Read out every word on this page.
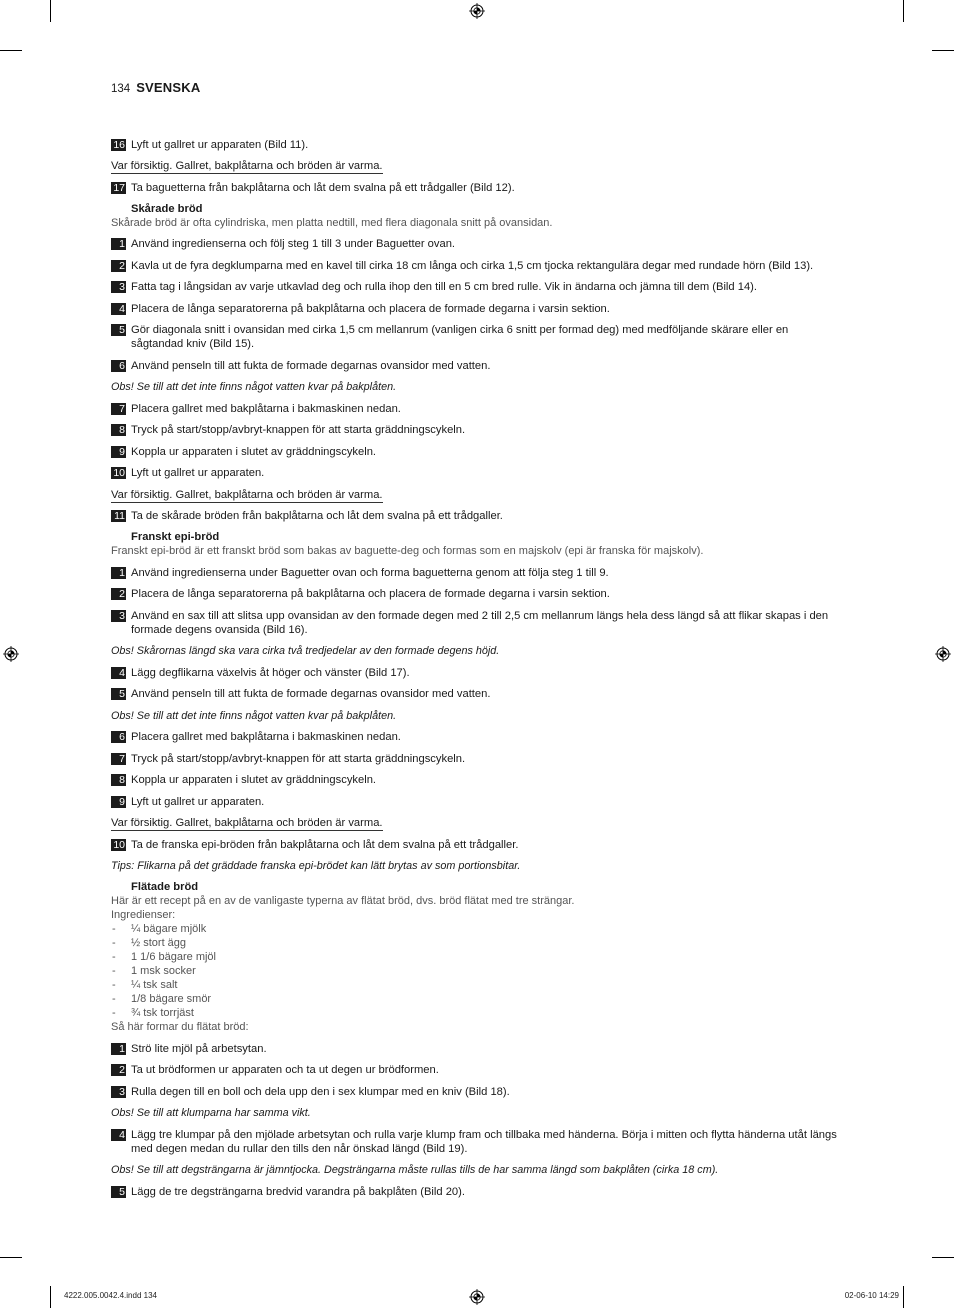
134 SVENSKA
16 Lyft ut gallret ur apparaten (Bild 11).
Var försiktig. Gallret, bakplåtarna och bröden är varma.
17 Ta baguetterna från bakplåtarna och låt dem svalna på ett trådgaller (Bild 12).
Skårade bröd
Skårade bröd är ofta cylindriska, men platta nedtill, med flera diagonala snitt på ovansidan.
1 Använd ingredienserna och följ steg 1 till 3 under Baguetter ovan.
2 Kavla ut de fyra degklumparna med en kavel till cirka 18 cm långa och cirka 1,5 cm tjocka rektangulära degar med rundade hörn (Bild 13).
3 Fatta tag i långsidan av varje utkavlad deg och rulla ihop den till en 5 cm bred rulle. Vik in ändarna och jämna till dem (Bild 14).
4 Placera de långa separatorerna på bakplåtarna och placera de formade degarna i varsin sektion.
5 Gör diagonala snitt i ovansidan med cirka 1,5 cm mellanrum (vanligen cirka 6 snitt per formad deg) med medföljande skärare eller en sågtandad kniv (Bild 15).
6 Använd penseln till att fukta de formade degarnas ovansidor med vatten.
Obs! Se till att det inte finns något vatten kvar på bakplåten.
7 Placera gallret med bakplåtarna i bakmaskinen nedan.
8 Tryck på start/stopp/avbryt-knappen för att starta gräddningscykeln.
9 Koppla ur apparaten i slutet av gräddningscykeln.
10 Lyft ut gallret ur apparaten.
Var försiktig. Gallret, bakplåtarna och bröden är varma.
11 Ta de skårade bröden från bakplåtarna och låt dem svalna på ett trådgaller.
Franskt epi-bröd
Franskt epi-bröd är ett franskt bröd som bakas av baguette-deg och formas som en majskolv (epi är franska för majskolv).
1 Använd ingredienserna under Baguetter ovan och forma baguetterna genom att följa steg 1 till 9.
2 Placera de långa separatorerna på bakplåtarna och placera de formade degarna i varsin sektion.
3 Använd en sax till att slitsa upp ovansidan av den formade degen med 2 till 2,5 cm mellanrum längs hela dess längd så att flikar skapas i den formade degens ovansida (Bild 16).
Obs! Skårornas längd ska vara cirka två tredjedelar av den formade degens höjd.
4 Lägg degflikarna växelvis åt höger och vänster (Bild 17).
5 Använd penseln till att fukta de formade degarnas ovansidor med vatten.
Obs! Se till att det inte finns något vatten kvar på bakplåten.
6 Placera gallret med bakplåtarna i bakmaskinen nedan.
7 Tryck på start/stopp/avbryt-knappen för att starta gräddningscykeln.
8 Koppla ur apparaten i slutet av gräddningscykeln.
9 Lyft ut gallret ur apparaten.
Var försiktig. Gallret, bakplåtarna och bröden är varma.
10 Ta de franska epi-bröden från bakplåtarna och låt dem svalna på ett trådgaller.
Tips: Flikarna på det gräddade franska epi-brödet kan lätt brytas av som portionsbitar.
Flätade bröd
Här är ett recept på en av de vanligaste typerna av flätat bröd, dvs. bröd flätat med tre strängar.
Ingredienser:
- ¼ bägare mjölk
- ½ stort ägg
- 1 1/6 bägare mjöl
- 1 msk socker
- ¼ tsk salt
- 1/8 bägare smör
- ¾ tsk torrjäst
Så här formar du flätat bröd:
1 Strö lite mjöl på arbetsytan.
2 Ta ut brödformen ur apparaten och ta ut degen ur brödformen.
3 Rulla degen till en boll och dela upp den i sex klumpar med en kniv (Bild 18).
Obs! Se till att klumparna har samma vikt.
4 Lägg tre klumpar på den mjölade arbetsytan och rulla varje klump fram och tillbaka med händerna. Börja i mitten och flytta händerna utåt längs med degen medan du rullar den tills den når önskad längd (Bild 19).
Obs! Se till att degsträngarna är jämntjocka. Degsträngarna måste rullas tills de har samma längd som bakplåten (cirka 18 cm).
5 Lägg de tre degsträngarna bredvid varandra på bakplåten (Bild 20).
4222.005.0042.4.indd 134	02-06-10 14:29
